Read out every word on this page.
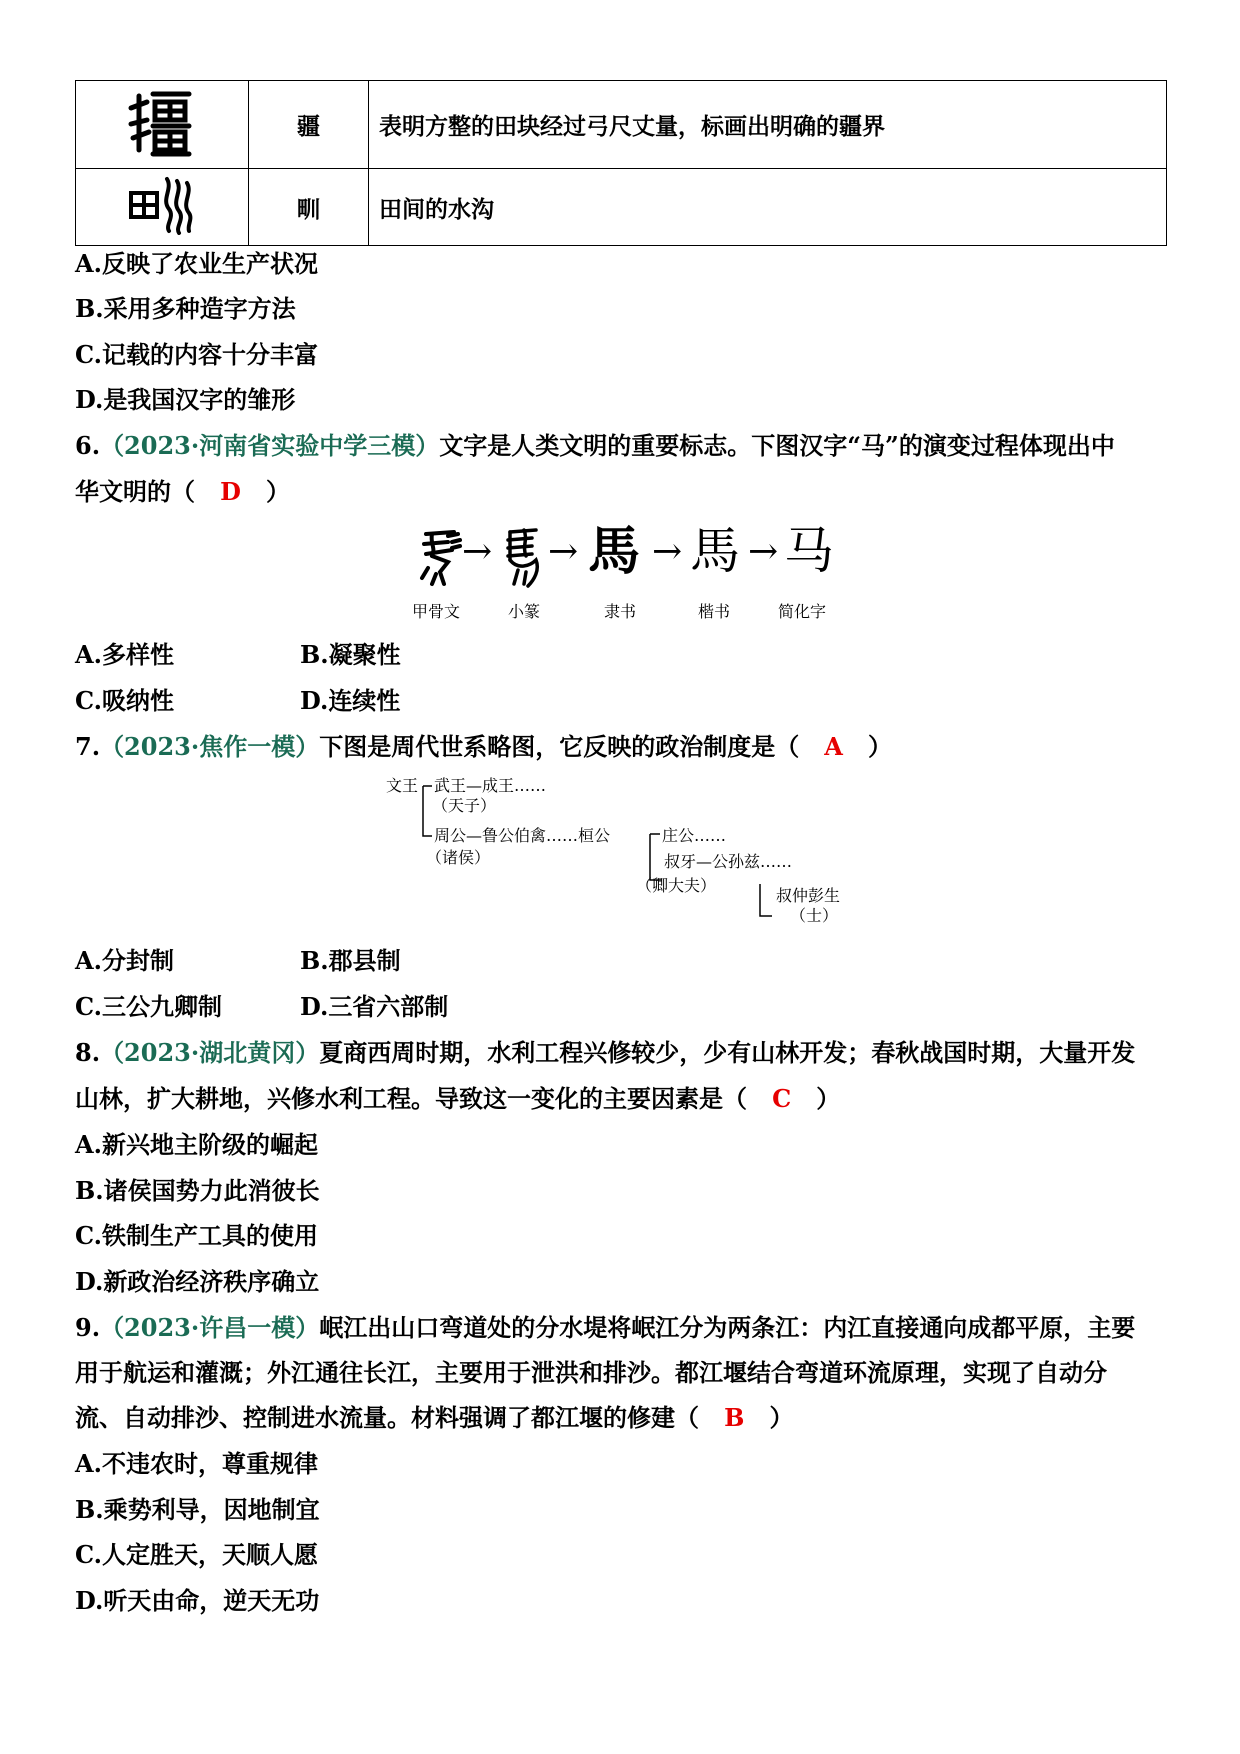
	疆	表明方整的田块经过弓尺丈量，标画出明确的疆界
	甽	田间的水沟
A.反映了农业生产状况
B.采用多种造字方法
C.记载的内容十分丰富
D.是我国汉字的雏形
6.（2023·河南省实验中学三模）文字是人类文明的重要标志。下图汉字“马”的演变过程体现出中
华文明的（ D ）
→ → 馬 → 馬 → 马
甲骨文	小篆	隶书	楷书	简化字
A.多样性	B.凝聚性
C.吸纳性	D.连续性
7.（2023·焦作一模）下图是周代世系略图，它反映的政治制度是（ A ）
文王 武王—成王……
（天子）
周公—鲁公伯禽……桓公
（诸侯）
庄公……
叔牙—公孙兹……
（卿大夫）
叔仲彭生
（士）
A.分封制	B.郡县制
C.三公九卿制	D.三省六部制
8.（2023·湖北黄冈）夏商西周时期，水利工程兴修较少，少有山林开发；春秋战国时期，大量开发
山林，扩大耕地，兴修水利工程。导致这一变化的主要因素是（ C ）
A.新兴地主阶级的崛起
B.诸侯国势力此消彼长
C.铁制生产工具的使用
D.新政治经济秩序确立
9.（2023·许昌一模）岷江出山口弯道处的分水堤将岷江分为两条江：内江直接通向成都平原，主要
用于航运和灌溉；外江通往长江，主要用于泄洪和排沙。都江堰结合弯道环流原理，实现了自动分
流、自动排沙、控制进水流量。材料强调了都江堰的修建（ B ）
A.不违农时，尊重规律
B.乘势利导，因地制宜
C.人定胜天，天顺人愿
D.听天由命，逆天无功
